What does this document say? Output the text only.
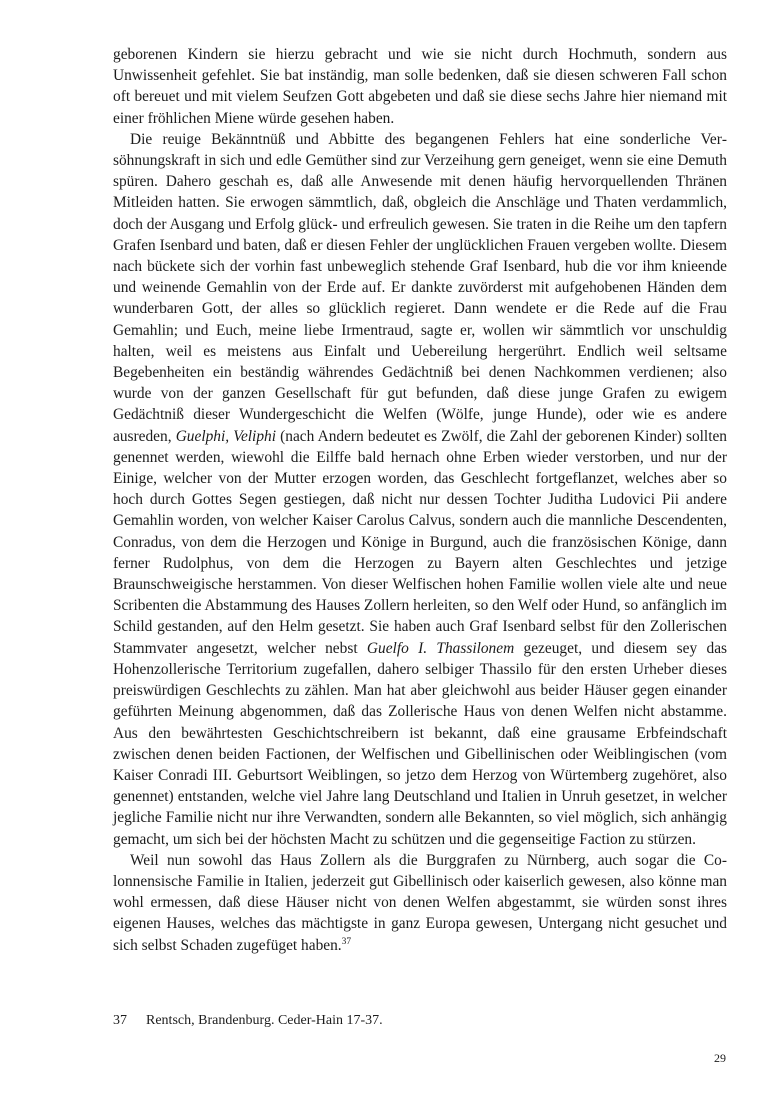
geborenen Kindern sie hierzu gebracht und wie sie nicht durch Hochmuth, sondern aus Unwissenheit gefehlet. Sie bat inständig, man solle bedenken, daß sie diesen schweren Fall schon oft bereuet und mit vielem Seufzen Gott abgebeten und daß sie diese sechs Jahre hier niemand mit einer fröhlichen Miene würde gesehen haben.

Die reuige Bekänntnüß und Abbitte des begangenen Fehlers hat eine sonderliche Versöhnungskraft in sich und edle Gemüther sind zur Verzeihung gern geneiget, wenn sie eine Demuth spüren. Dahero geschah es, daß alle Anwesende mit denen häufig hervorquellenden Thränen Mitleiden hatten. Sie erwogen sämmtlich, daß, obgleich die Anschläge und Thaten verdammlich, doch der Ausgang und Erfolg glück- und erfreulich gewesen. Sie traten in die Reihe um den tapfern Grafen Isenbard und baten, daß er diesen Fehler der unglücklichen Frauen vergeben wollte. Diesem nach bückete sich der vorhin fast unbeweglich stehende Graf Isenbard, hub die vor ihm knieende und weinende Gemahlin von der Erde auf. Er dankte zuvörderst mit aufgehobenen Händen dem wunderbaren Gott, der alles so glücklich regieret. Dann wendete er die Rede auf die Frau Gemahlin; und Euch, meine liebe Irmentraud, sagte er, wollen wir sämmtlich vor unschuldig halten, weil es meistens aus Einfalt und Uebereilung hergerührt. Endlich weil seltsame Begebenheiten ein beständig währendes Gedächtniß bei denen Nachkommen verdienen; also wurde von der ganzen Gesellschaft für gut befunden, daß diese junge Grafen zu ewigem Gedächtniß dieser Wundergeschicht die Welfen (Wölfe, junge Hunde), oder wie es andere ausreden, Guelphi, Veliphi (nach Andern bedeutet es Zwölf, die Zahl der geborenen Kinder) sollten genennet werden, wiewohl die Eilffe bald hernach ohne Erben wieder verstorben, und nur der Einige, welcher von der Mutter erzogen worden, das Geschlecht fortgeflanzet, welches aber so hoch durch Gottes Segen gestiegen, daß nicht nur dessen Tochter Juditha Ludovici Pii andere Gemahlin worden, von welcher Kaiser Carolus Calvus, sondern auch die mannliche Descendenten, Conradus, von dem die Herzogen und Könige in Burgund, auch die französischen Könige, dann ferner Rudolphus, von dem die Herzogen zu Bayern alten Geschlechtes und jetzige Braunschweigische herstammen. Von dieser Welfischen hohen Familie wollen viele alte und neue Scribenten die Abstammung des Hauses Zollern herleiten, so den Welf oder Hund, so anfänglich im Schild gestanden, auf den Helm gesetzt. Sie haben auch Graf Isenbard selbst für den Zollerischen Stammvater angesetzt, welcher nebst Guelfo I. Thassilonem gezeuget, und diesem sey das Hohenzollerische Territorium zugefallen, dahero selbiger Thassilo für den ersten Urheber dieses preiswürdigen Geschlechts zu zählen. Man hat aber gleichwohl aus beider Häuser gegen einander geführten Meinung abgenommen, daß das Zollerische Haus von denen Welfen nicht abstamme. Aus den bewährtesten Geschichtschreibern ist bekannt, daß eine grausame Erbfeindschaft zwischen denen beiden Factionen, der Welfischen und Gibellinischen oder Weiblingischen (vom Kaiser Conradi III. Geburtsort Weiblingen, so jetzo dem Herzog von Würtemberg zugehöret, also genennet) entstanden, welche viel Jahre lang Deutschland und Italien in Unruh gesetzet, in welcher jegliche Familie nicht nur ihre Verwandten, sondern alle Bekannten, so viel möglich, sich anhängig gemacht, um sich bei der höchsten Macht zu schützen und die gegenseitige Faction zu stürzen.

Weil nun sowohl das Haus Zollern als die Burggrafen zu Nürnberg, auch sogar die Colonnensische Familie in Italien, jederzeit gut Gibellinisch oder kaiserlich gewesen, also könne man wohl ermessen, daß diese Häuser nicht von denen Welfen abgestammt, sie würden sonst ihres eigenen Hauses, welches das mächtigste in ganz Europa gewesen, Untergang nicht gesuchet und sich selbst Schaden zugefüget haben.$^{37}$

37 Rentsch, Brandenburg. Ceder-Hain 17-37.
29
